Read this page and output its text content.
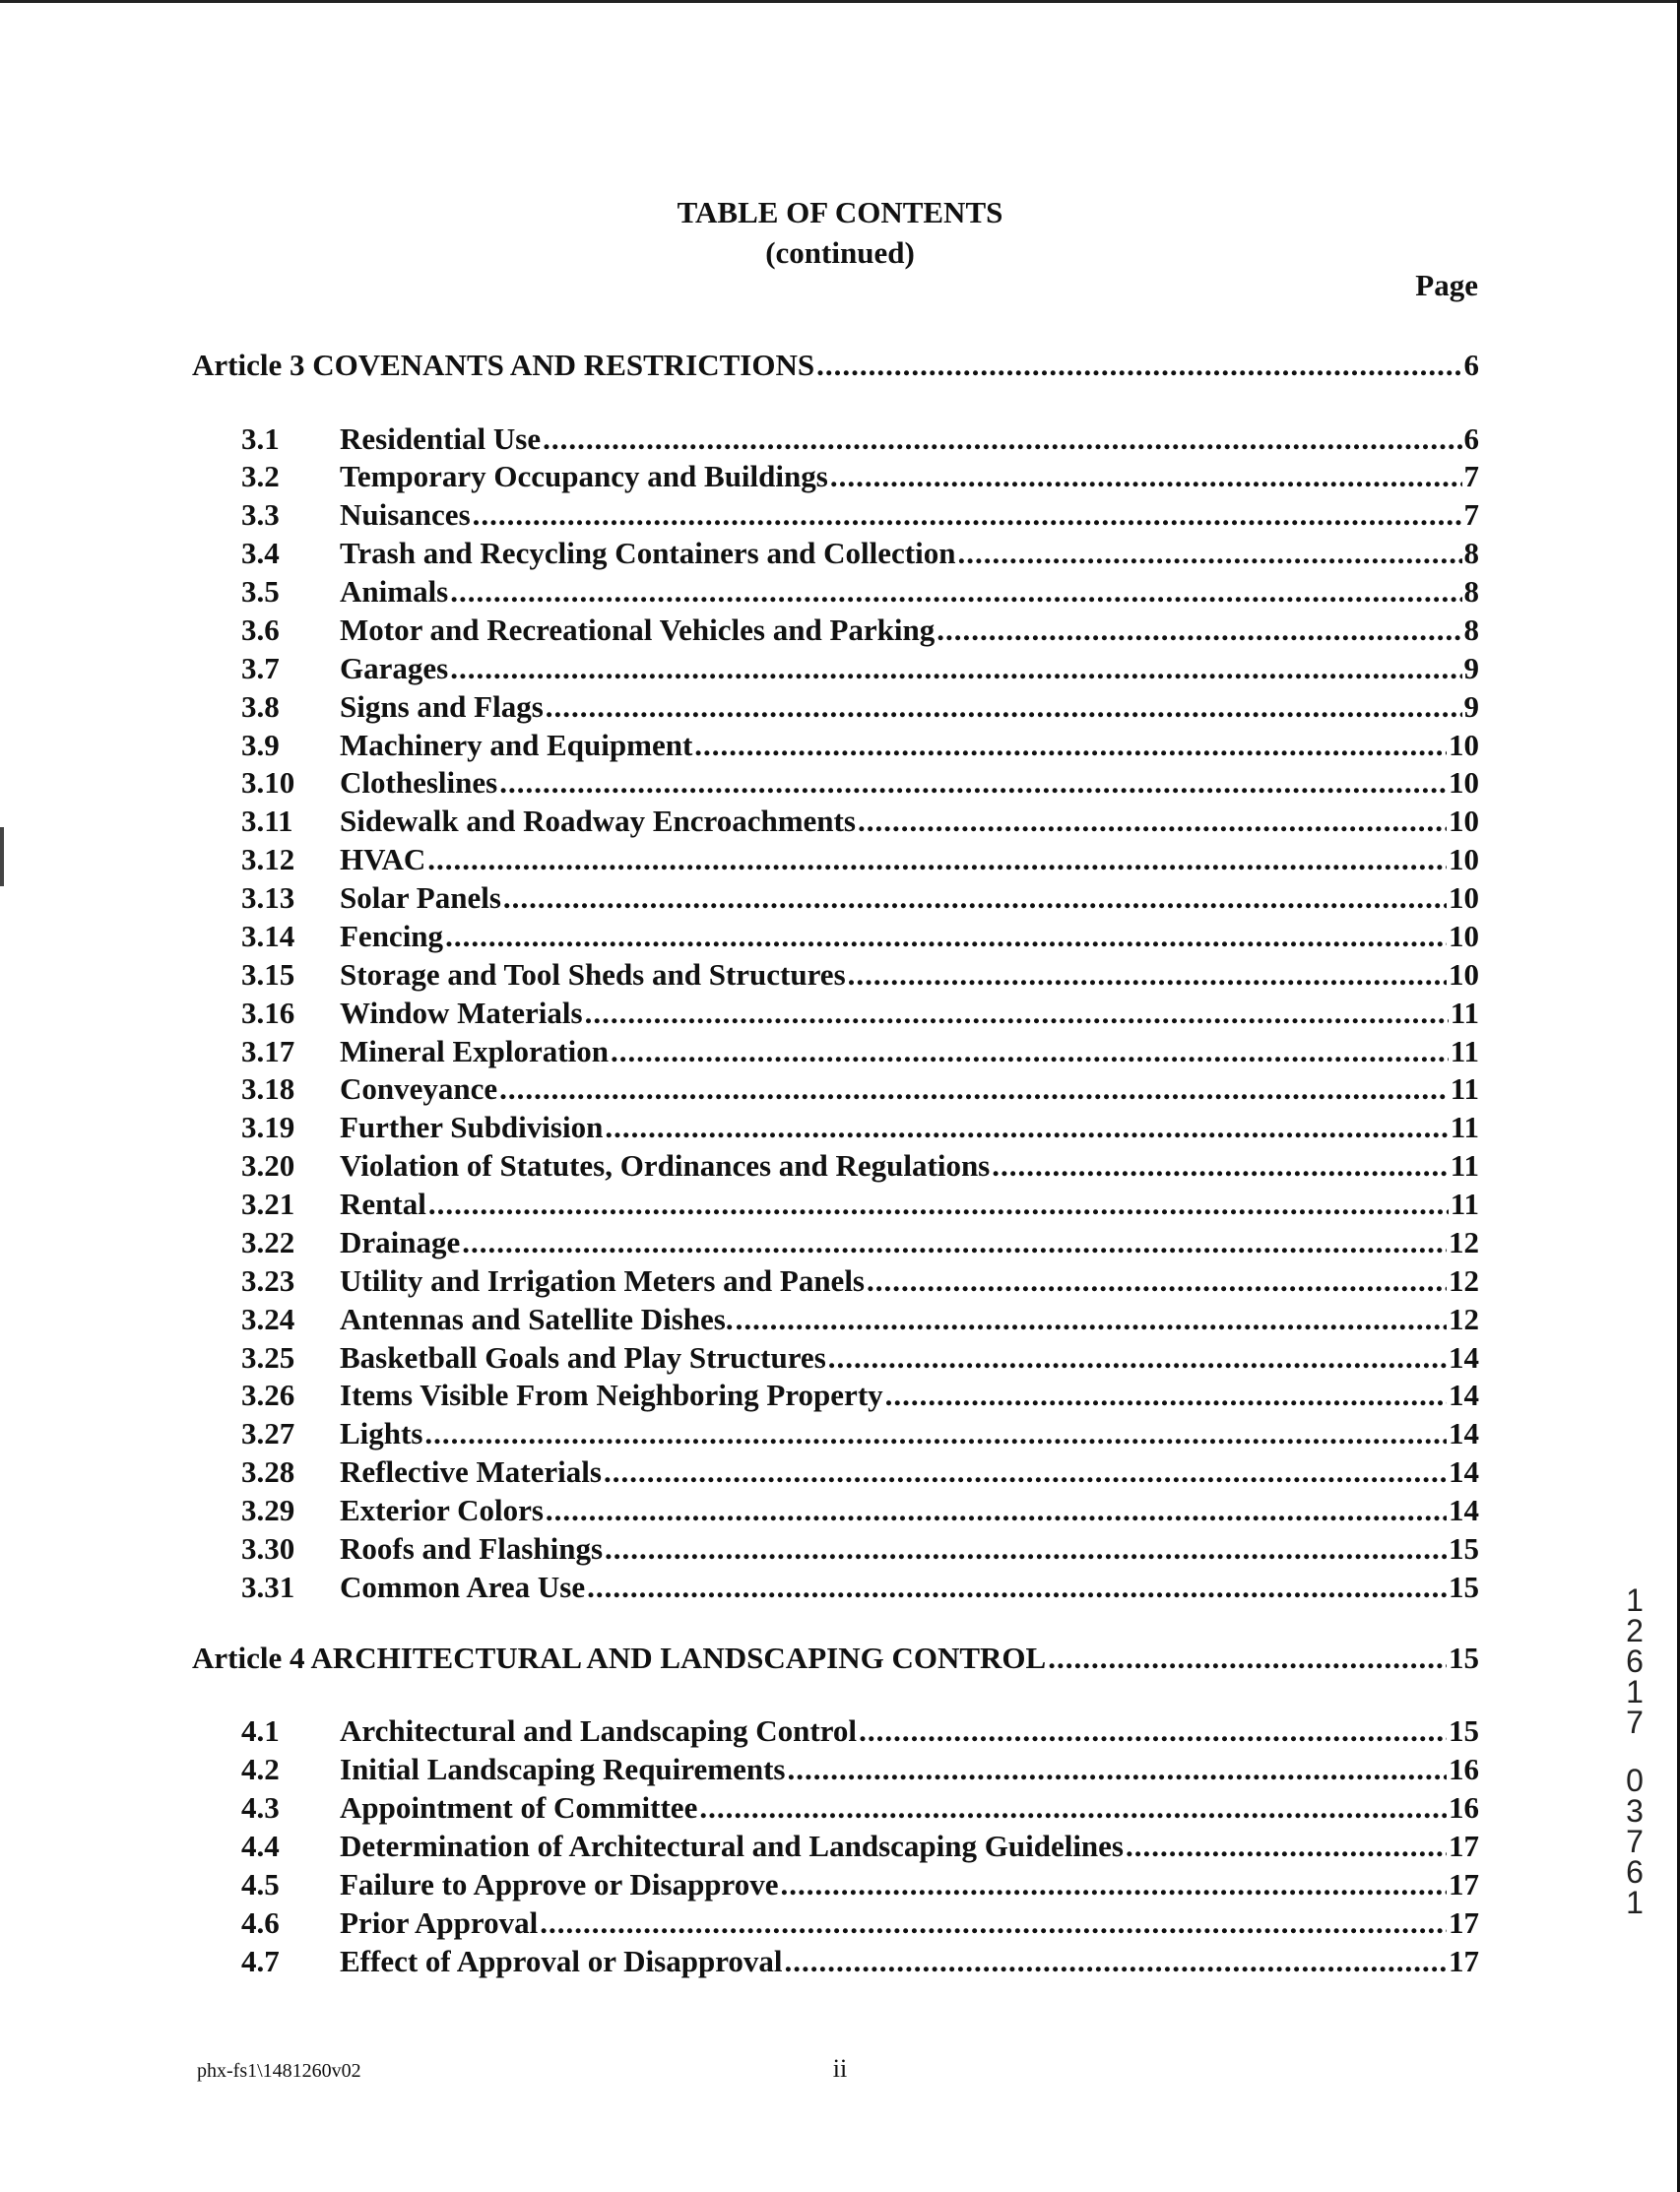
TABLE OF CONTENTS
(continued)
Page
Article 3 COVENANTS AND RESTRICTIONS .....	6
3.1	Residential Use .....	6
3.2	Temporary Occupancy and Buildings .....	7
3.3	Nuisances .....	7
3.4	Trash and Recycling Containers and Collection .....	8
3.5	Animals .....	8
3.6	Motor and Recreational Vehicles and Parking .....	8
3.7	Garages .....	9
3.8	Signs and Flags .....	9
3.9	Machinery and Equipment .....	10
3.10	Clotheslines .....	10
3.11	Sidewalk and Roadway Encroachments .....	10
3.12	HVAC .....	10
3.13	Solar Panels .....	10
3.14	Fencing .....	10
3.15	Storage and Tool Sheds and Structures .....	10
3.16	Window Materials .....	11
3.17	Mineral Exploration .....	11
3.18	Conveyance .....	11
3.19	Further Subdivision .....	11
3.20	Violation of Statutes, Ordinances and Regulations .....	11
3.21	Rental .....	11
3.22	Drainage .....	12
3.23	Utility and Irrigation Meters and Panels .....	12
3.24	Antennas and Satellite Dishes. .....	12
3.25	Basketball Goals and Play Structures .....	14
3.26	Items Visible From Neighboring Property .....	14
3.27	Lights .....	14
3.28	Reflective Materials .....	14
3.29	Exterior Colors .....	14
3.30	Roofs and Flashings .....	15
3.31	Common Area Use .....	15
Article 4 ARCHITECTURAL AND LANDSCAPING CONTROL .....	15
4.1	Architectural and Landscaping Control .....	15
4.2	Initial Landscaping Requirements .....	16
4.3	Appointment of Committee .....	16
4.4	Determination of Architectural and Landscaping Guidelines .....	17
4.5	Failure to Approve or Disapprove .....	17
4.6	Prior Approval .....	17
4.7	Effect of Approval or Disapproval .....	17
phx-fs1\1481260v02	ii
1
2
6
1
7
0
3
7
6
1
